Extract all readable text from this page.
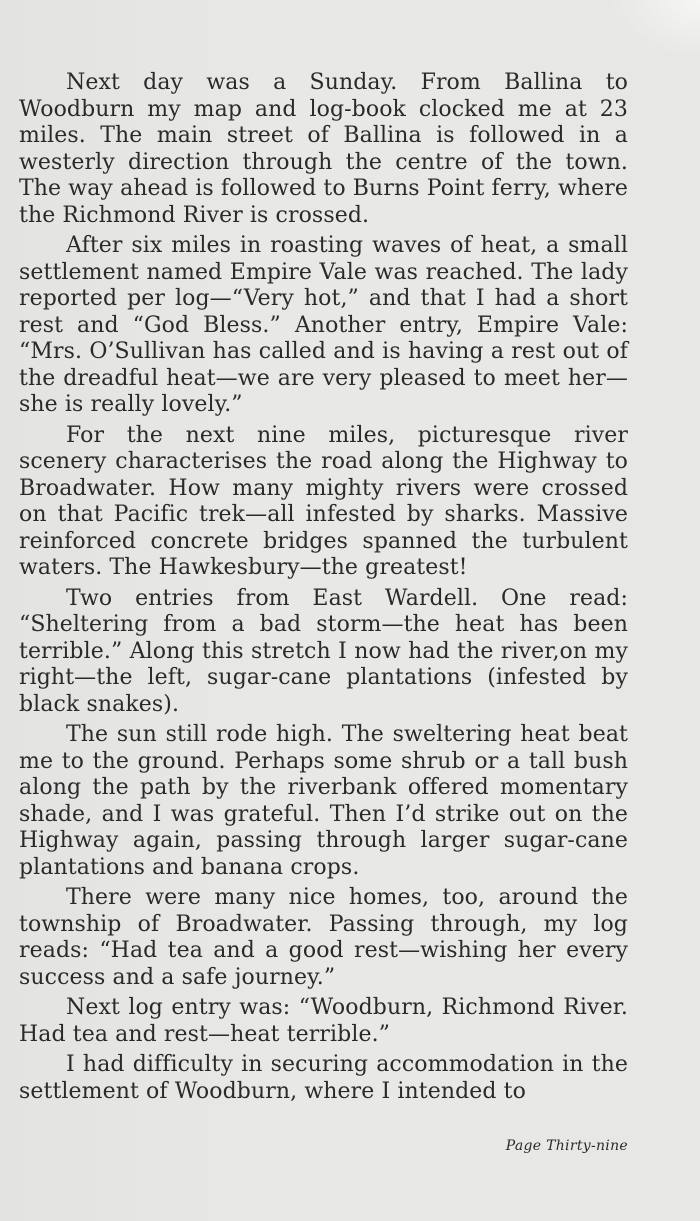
Next day was a Sunday. From Ballina to Woodburn my map and log-book clocked me at 23 miles. The main street of Ballina is followed in a westerly direction through the centre of the town. The way ahead is followed to Burns Point ferry, where the Richmond River is crossed.

After six miles in roasting waves of heat, a small settlement named Empire Vale was reached. The lady reported per log—“Very hot,” and that I had a short rest and “God Bless.” Another entry, Empire Vale: “Mrs. O’Sullivan has called and is having a rest out of the dreadful heat—we are very pleased to meet her—she is really lovely.”

For the next nine miles, picturesque river scenery characterises the road along the Highway to Broadwater. How many mighty rivers were crossed on that Pacific trek—all infested by sharks. Massive reinforced concrete bridges spanned the turbulent waters. The Hawkesbury—the greatest!

Two entries from East Wardell. One read: “Sheltering from a bad storm—the heat has been terrible.” Along this stretch I now had the river,on my right—the left, sugar-cane plantations (infested by black snakes).

The sun still rode high. The sweltering heat beat me to the ground. Perhaps some shrub or a tall bush along the path by the riverbank offered momentary shade, and I was grateful. Then I’d strike out on the Highway again, passing through larger sugar-cane plantations and banana crops.

There were many nice homes, too, around the township of Broadwater. Passing through, my log reads: “Had tea and a good rest—wishing her every success and a safe journey.”

Next log entry was: “Woodburn, Richmond River. Had tea and rest—heat terrible.”

I had difficulty in securing accommodation in the settlement of Woodburn, where I intended to

Page Thirty-nine
